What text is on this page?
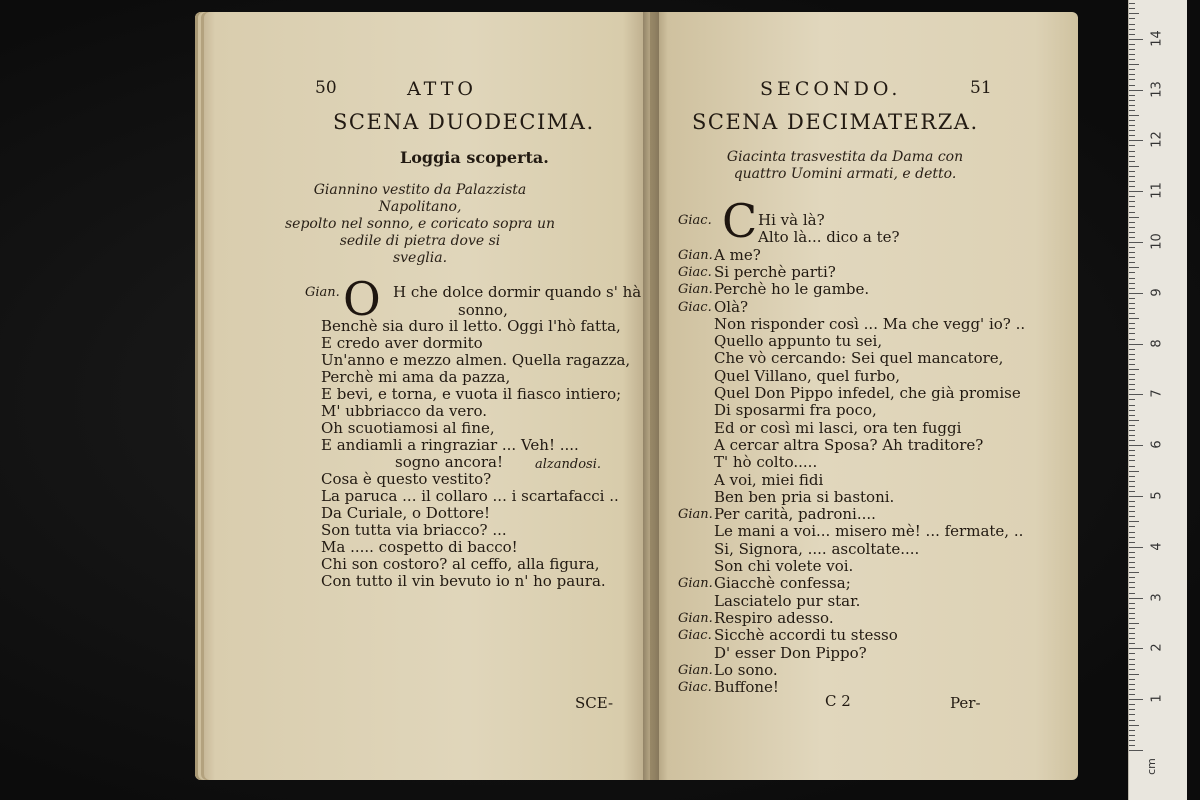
50	ATTO
SCENA DUODECIMA.
Loggia scoperta.
Giannino vestito da Palazzista Napolitano,
sepolto nel sonno, e coricato sopra un
sedile di pietra dove si
sveglia.
Gian. O H che dolce dormir quando s' hà
sonno,
Benchè sia duro il letto. Oggi l'hò fatta,
E credo aver dormito
Un'anno e mezzo almen. Quella ragazza,
Perchè mi ama da pazza,
E bevi, e torna, e vuota il fiasco intiero;
M' ubbriacco da vero.
Oh scuotiamosi al fine,
E andiamli a ringraziar ... Veh! ....
sogno ancora! alzandosi.
Cosa è questo vestito?
La paruca ... il collaro ... i scartafacci ..
Da Curiale, o Dottore!
Son tutta via briacco? ...
Ma ..... cospetto di bacco!
Chi son costoro? al ceffo, alla figura,
Con tutto il vin bevuto io n' ho paura.
SCE-
SECONDO.	51
SCENA DECIMATERZA.
Giacinta trasvestita da Dama con
quattro Uomini armati, e detto.
C
Giac.	Hi và là?
Alto là... dico a te?
Gian. A me?
Giac. Si perchè parti?
Gian. Perchè ho le gambe.
Giac. Olà?
Non risponder così ... Ma che vegg' io? ..
Quello appunto tu sei,
Che vò cercando: Sei quel mancatore,
Quel Villano, quel furbo,
Quel Don Pippo infedel, che già promise
Di sposarmi fra poco,
Ed or così mi lasci, ora ten fuggi
A cercar altra Sposa? Ah traditore?
T' hò colto.....
A voi, miei fidi
Ben ben pria si bastoni.
Gian. Per carità, padroni....
Le mani a voi... misero mè! ... fermate, ..
Si, Signora, .... ascoltate....
Son chi volete voi.
Gian. Giacchè confessa;
Lasciatelo pur star.
Gian. Respiro adesso.
Giac. Sicchè accordi tu stesso
D' esser Don Pippo?
Gian. Lo sono.
Giac. Buffone!
C 2	Per-	1
2
3
4
5
6
7
8
9
10
11
12
13
14
cm
